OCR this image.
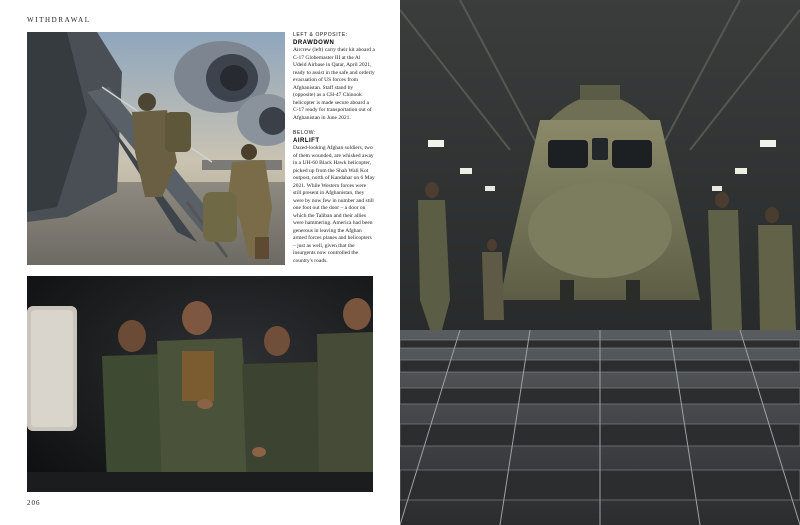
WITHDRAWAL
LEFT & OPPOSITE:
DRAWDOWN
Aircrew (left) carry their kit aboard a C-17 Globemaster III at the Al Udeid Airbase in Qatar, April 2021, ready to assist in the safe and orderly evacuation of US forces from Afghanistan. Staff stand by (opposite) as a CH-47 Chinook helicopter is made secure aboard a C-17 ready for transportation out of Afghanistan in June 2021.
BELOW:
AIRLIFT
Dazed-looking Afghan soldiers, two of them wounded, are whisked away in a UH-60 Black Hawk helicopter, picked up from the Shah Wali Kot outpost, north of Kandahar on 6 May 2021. While Western forces were still present in Afghanistan, they were by now few in number and still one foot out the door – a door on which the Taliban and their allies were hammering. America had been generous in leaving the Afghan armed forces planes and helicopters – just as well, given that the insurgents now controlled the country's roads.
206
